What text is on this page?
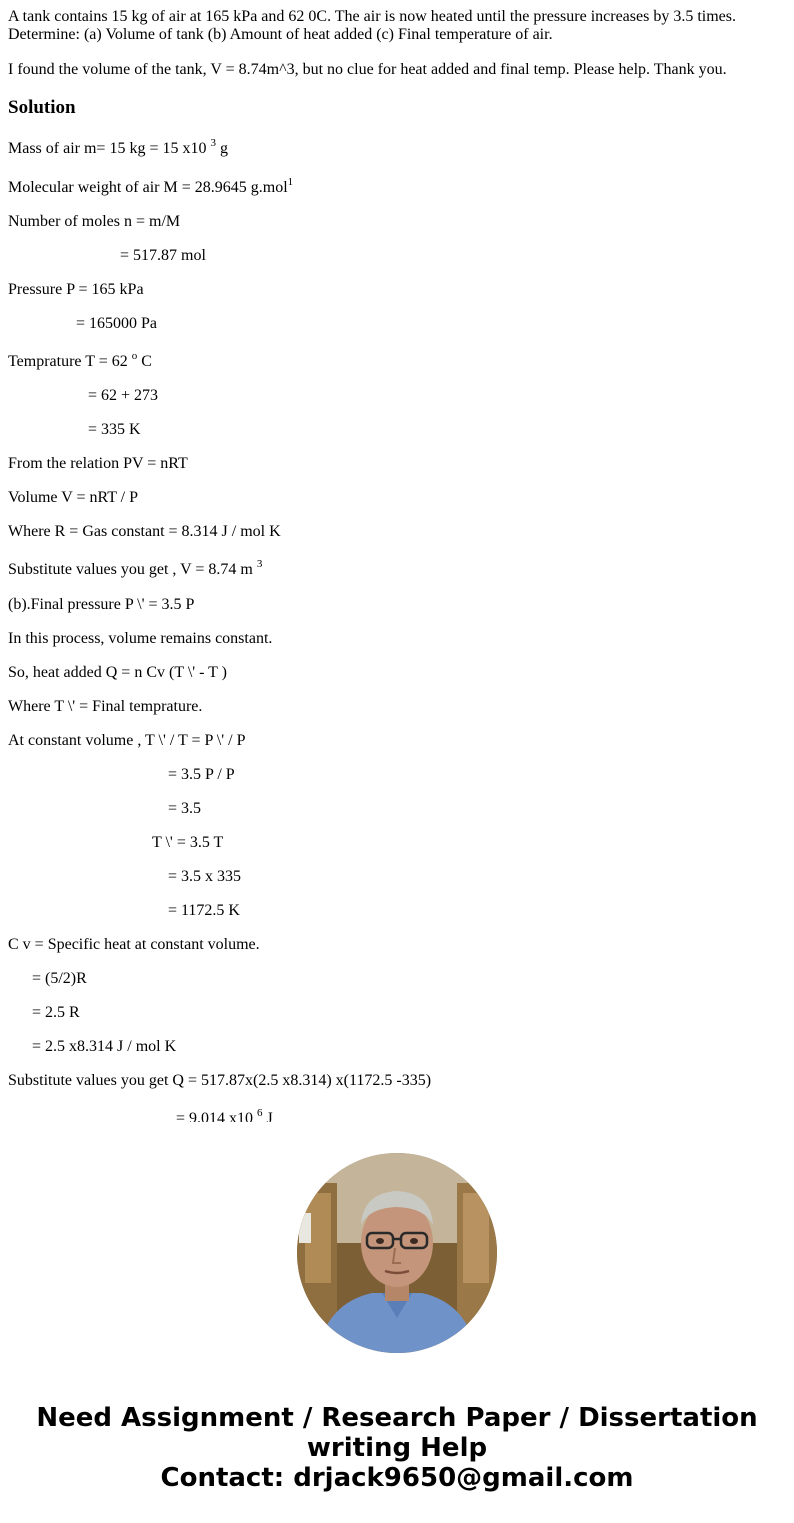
A tank contains 15 kg of air at 165 kPa and 62 0C. The air is now heated until the pressure increases by 3.5 times. Determine: (a) Volume of tank (b) Amount of heat added (c) Final temperature of air.

I found the volume of the tank, V = 8.74m^3, but no clue for heat added and final temp. Please help. Thank you.

Solution
Mass of air m= 15 kg = 15 x10 $^3$ g
Molecular weight of air M = 28.9645 g.mol$^1$
Number of moles n = m/M
= 517.87 mol
Pressure P = 165 kPa
= 165000 Pa
Temprature T = 62 $^o$ C
= 62 + 273
= 335 K
From the relation PV = nRT
Volume V = nRT / P
Where R = Gas constant = 8.314 J / mol K
Substitute values you get , V = 8.74 m $^3$
(b).Final pressure P \' = 3.5 P
In this process, volume remains constant.
So, heat added Q = n Cv (T \' - T )
Where T \' = Final temprature.
At constant volume , T \' / T = P \' / P
= 3.5 P / P
= 3.5
T \' = 3.5 T
= 3.5 x 335
= 1172.5 K
C v = Specific heat at constant volume.
= (5/2)R
= 2.5 R
= 2.5 x8.314 J / mol K
Substitute values you get Q = 517.87x(2.5 x8.314) x(1172.5 -335)
= 9.014 x10 $^6$ J
Need Assignment / Research Paper / Dissertation
writing Help
Contact: drjack9650@gmail.com
